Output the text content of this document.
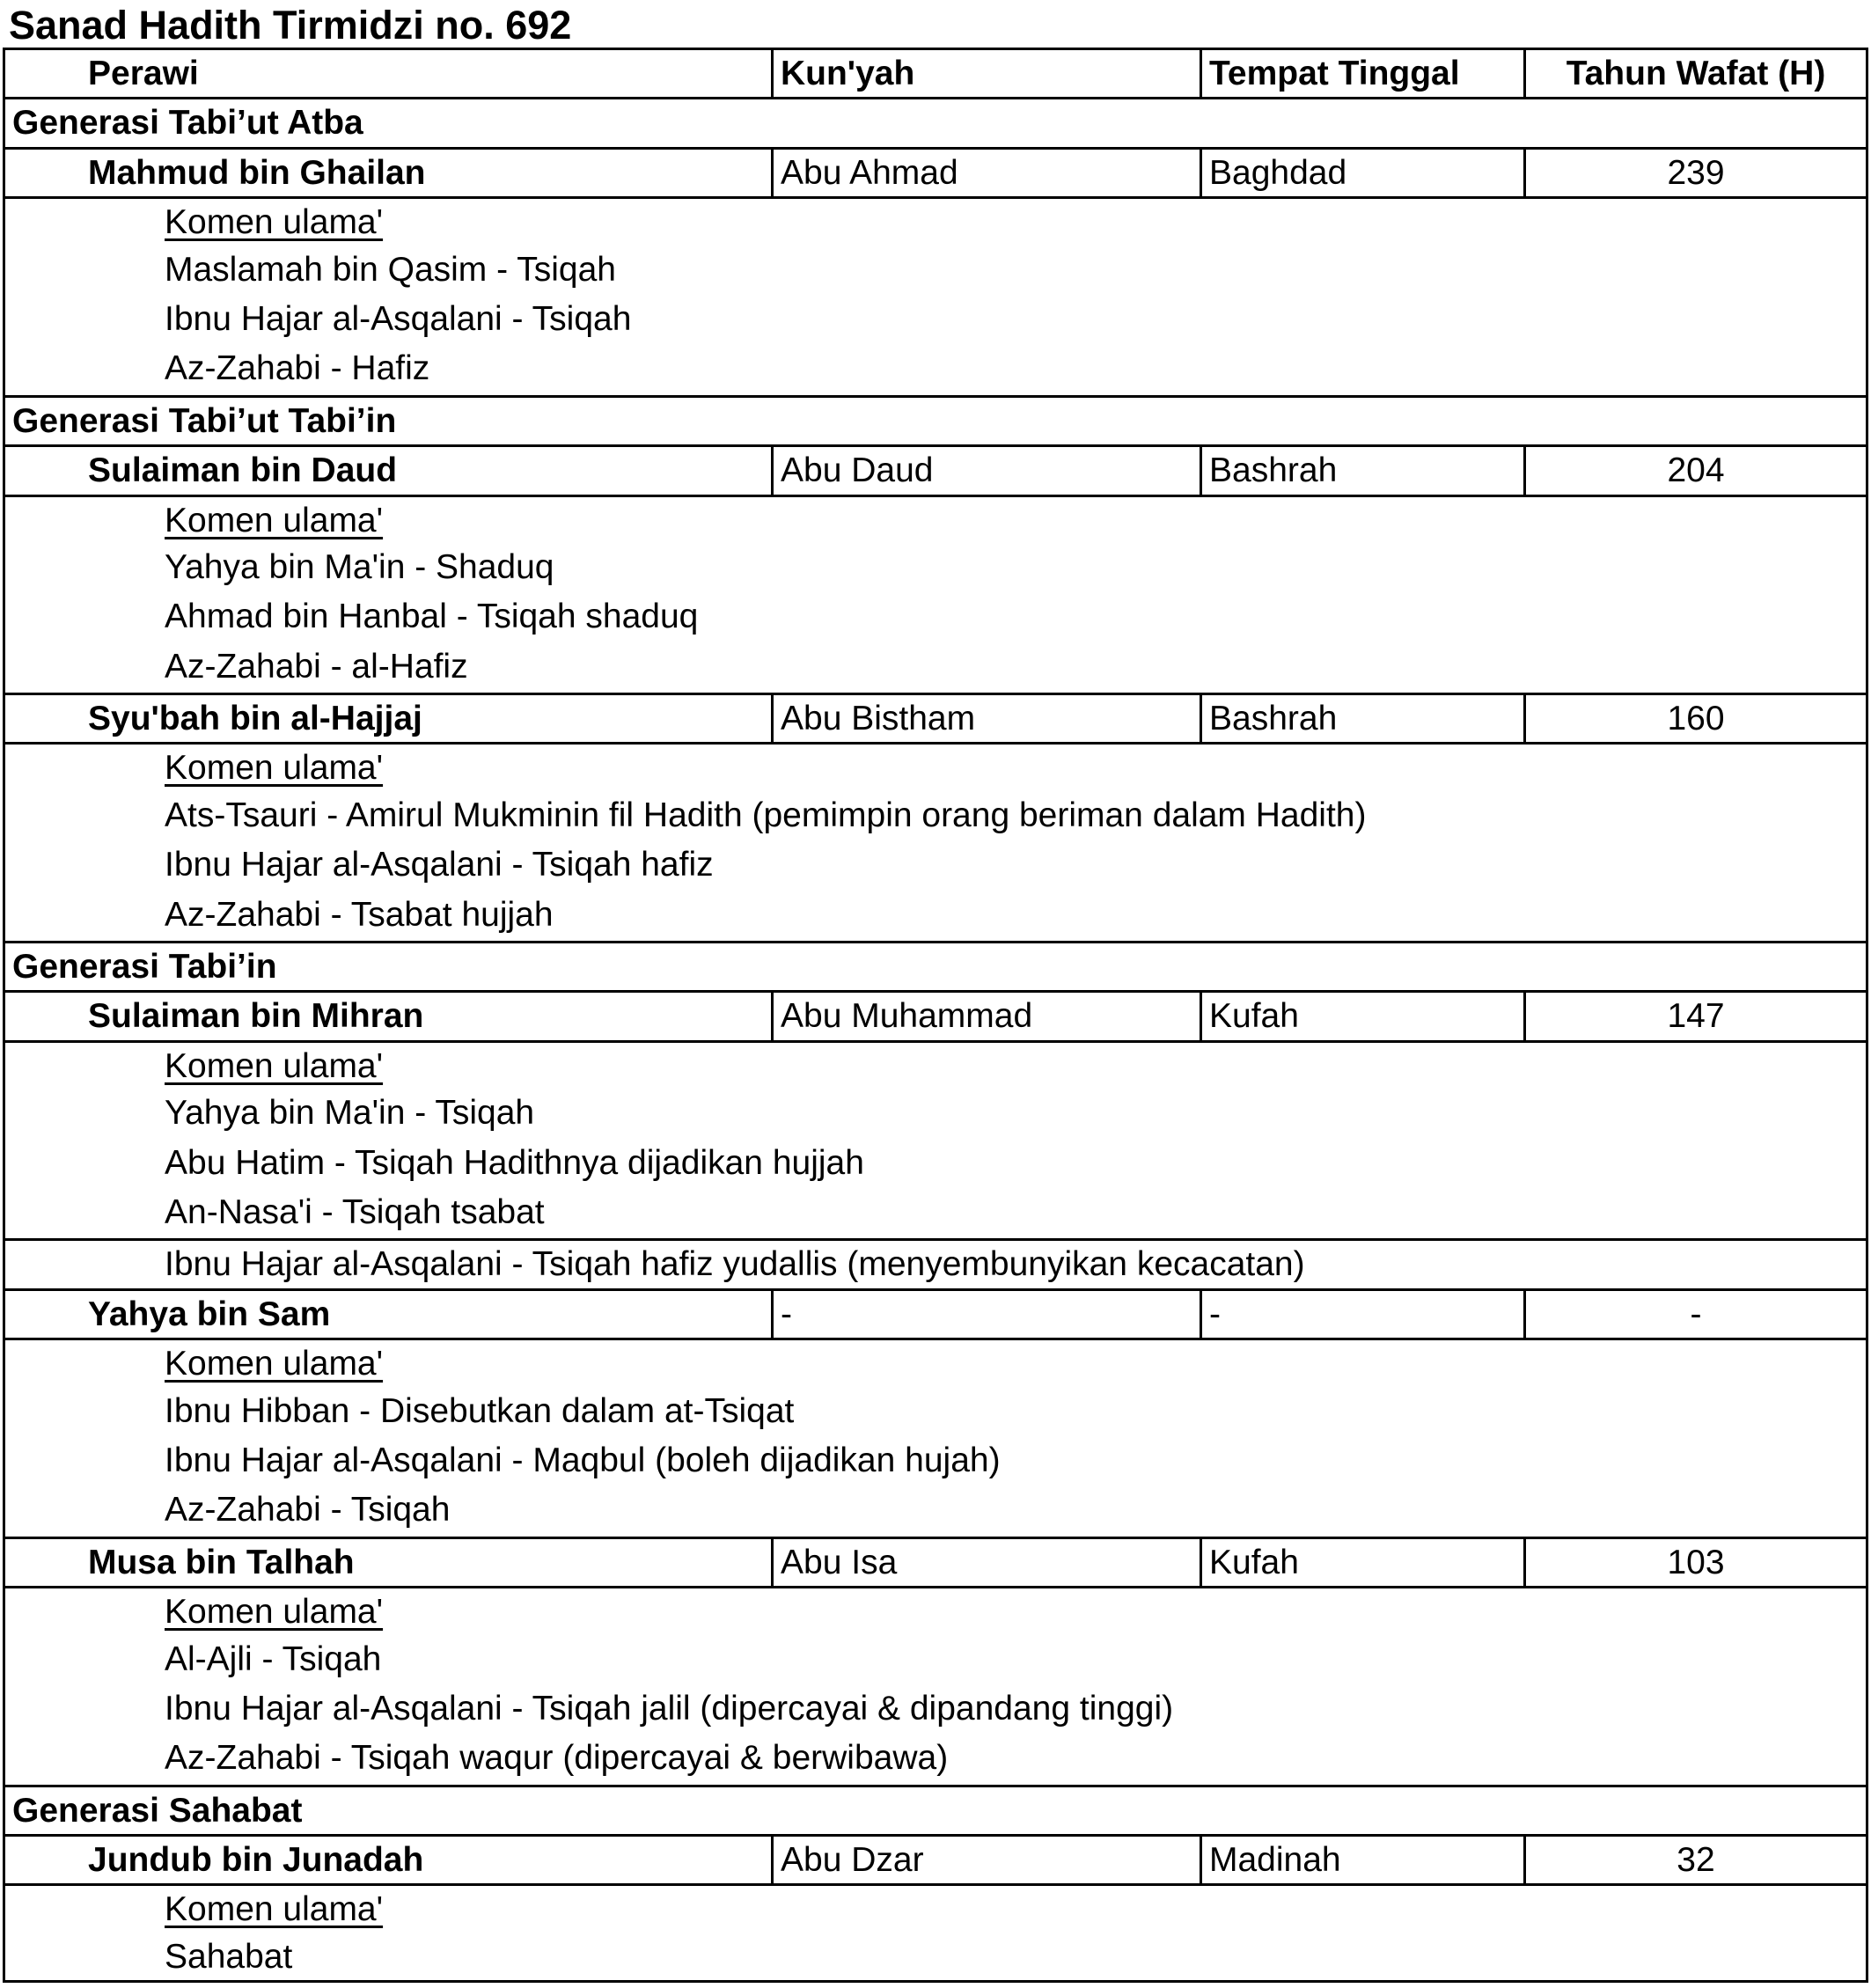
Sanad Hadith Tirmidzi no. 692
Perawi	Kun'yah	Tempat Tinggal	Tahun Wafat (H)
Generasi Tabi’ut Atba
Mahmud bin Ghailan	Abu Ahmad	Baghdad	239
Komen ulama'
Maslamah bin Qasim - Tsiqah
Ibnu Hajar al-Asqalani - Tsiqah
Az-Zahabi - Hafiz
Generasi Tabi’ut Tabi’in
Sulaiman bin Daud	Abu Daud	Bashrah	204
Komen ulama'
Yahya bin Ma'in - Shaduq
Ahmad bin Hanbal - Tsiqah shaduq
Az-Zahabi - al-Hafiz
Syu'bah bin al-Hajjaj	Abu Bistham	Bashrah	160
Komen ulama'
Ats-Tsauri - Amirul Mukminin fil Hadith (pemimpin orang beriman dalam Hadith)
Ibnu Hajar al-Asqalani - Tsiqah hafiz
Az-Zahabi - Tsabat hujjah
Generasi Tabi’in
Sulaiman bin Mihran	Abu Muhammad	Kufah	147
Komen ulama'
Yahya bin Ma'in - Tsiqah
Abu Hatim - Tsiqah Hadithnya dijadikan hujjah
An-Nasa'i - Tsiqah tsabat
Ibnu Hajar al-Asqalani - Tsiqah hafiz yudallis (menyembunyikan kecacatan)
Yahya bin Sam	-	-	-
Komen ulama'
Ibnu Hibban - Disebutkan dalam at-Tsiqat
Ibnu Hajar al-Asqalani - Maqbul (boleh dijadikan hujah)
Az-Zahabi - Tsiqah
Musa bin Talhah	Abu Isa	Kufah	103
Komen ulama'
Al-Ajli - Tsiqah
Ibnu Hajar al-Asqalani - Tsiqah jalil (dipercayai & dipandang tinggi)
Az-Zahabi - Tsiqah waqur (dipercayai & berwibawa)
Generasi Sahabat
Jundub bin Junadah	Abu Dzar	Madinah	32
Komen ulama'
Sahabat
